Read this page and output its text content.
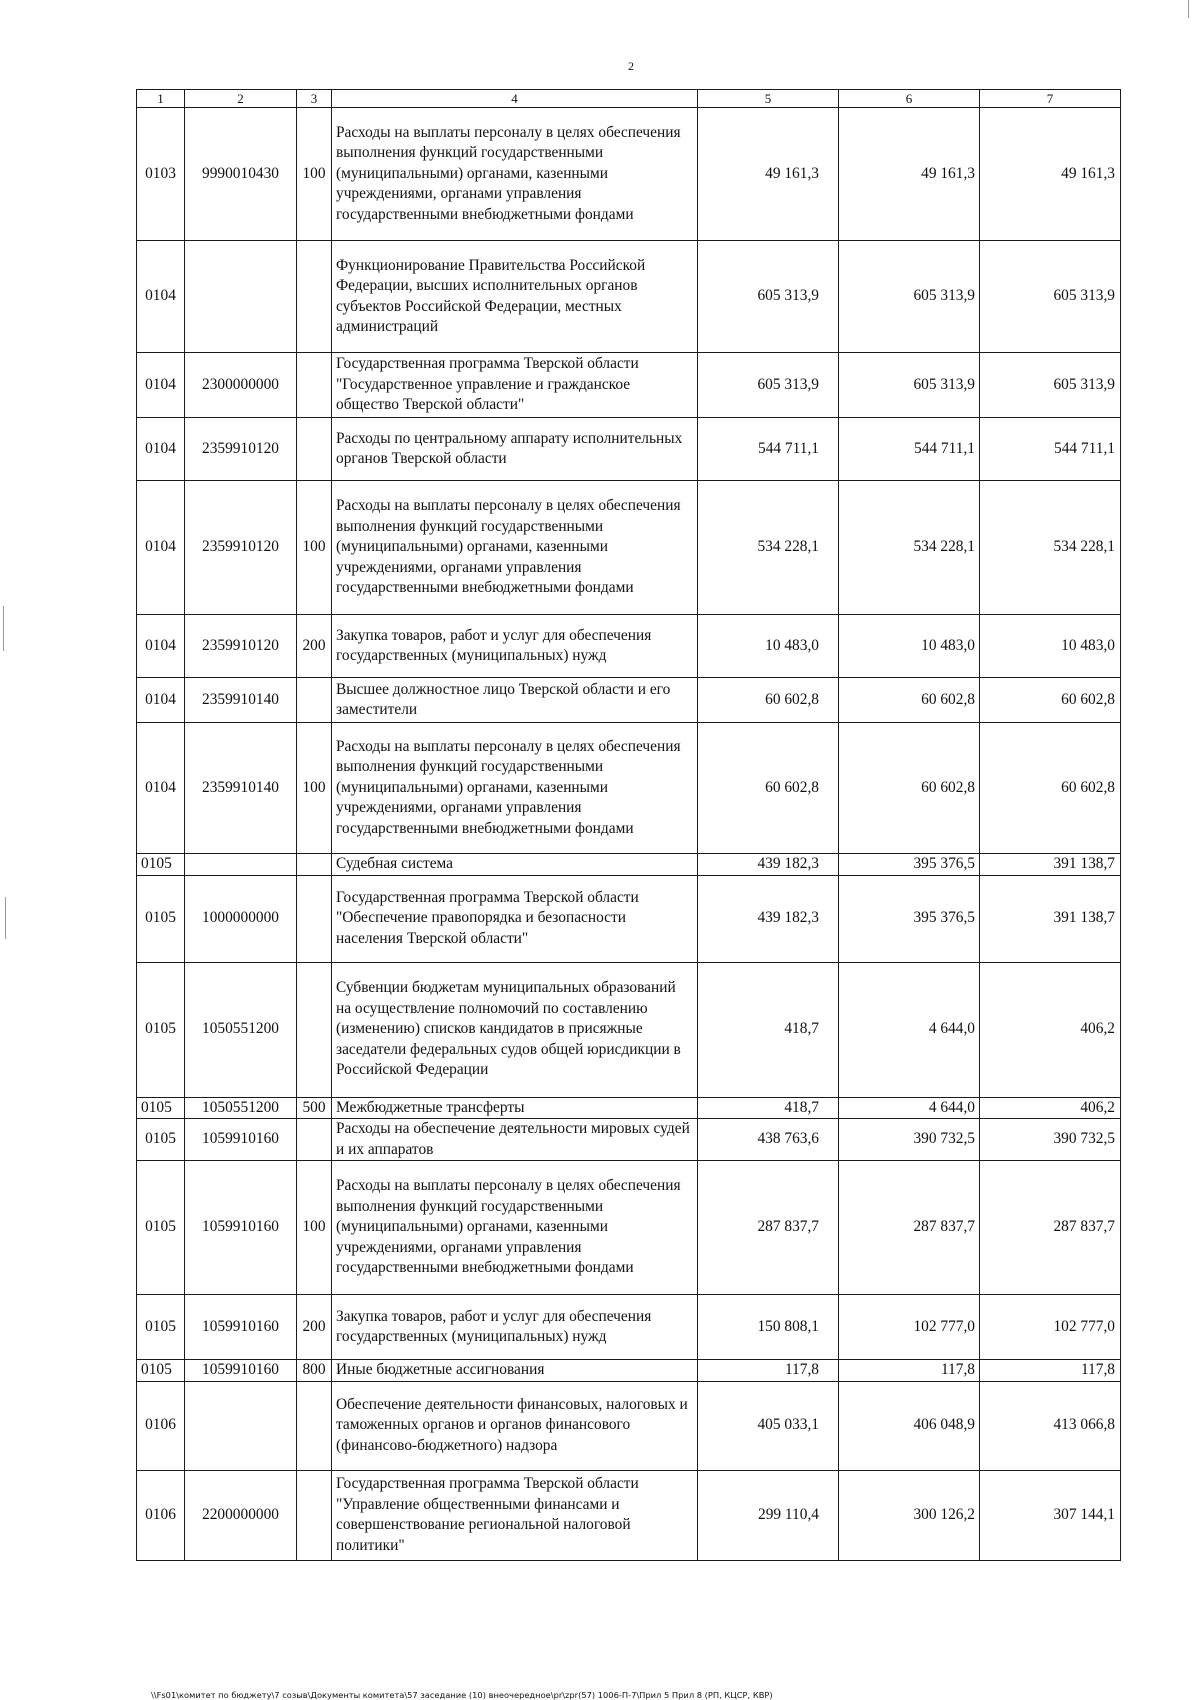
2
1	2	3	4	5	6	7
0103	9990010430	100	Расходы на выплаты персоналу в целях обеспечения выполнения функций государственными (муниципальными) органами, казенными учреждениями, органами управления государственными внебюджетными фондами	49 161,3	49 161,3	49 161,3
0104			Функционирование Правительства Российской Федерации, высших исполнительных органов субъектов Российской Федерации, местных администраций	605 313,9	605 313,9	605 313,9
0104	2300000000		Государственная программа Тверской области "Государственное управление и гражданское общество Тверской области"	605 313,9	605 313,9	605 313,9
0104	2359910120		Расходы по центральному аппарату исполнительных органов Тверской области	544 711,1	544 711,1	544 711,1
0104	2359910120	100	Расходы на выплаты персоналу в целях обеспечения выполнения функций государственными (муниципальными) органами, казенными учреждениями, органами управления государственными внебюджетными фондами	534 228,1	534 228,1	534 228,1
0104	2359910120	200	Закупка товаров, работ и услуг для обеспечения государственных (муниципальных) нужд	10 483,0	10 483,0	10 483,0
0104	2359910140		Высшее должностное лицо Тверской области и его заместители	60 602,8	60 602,8	60 602,8
0104	2359910140	100	Расходы на выплаты персоналу в целях обеспечения выполнения функций государственными (муниципальными) органами, казенными учреждениями, органами управления государственными внебюджетными фондами	60 602,8	60 602,8	60 602,8
0105			Судебная система	439 182,3	395 376,5	391 138,7
0105	1000000000		Государственная программа Тверской области "Обеспечение правопорядка и безопасности населения Тверской области"	439 182,3	395 376,5	391 138,7
0105	1050551200		Субвенции бюджетам муниципальных образований на осуществление полномочий по составлению (изменению) списков кандидатов в присяжные заседатели федеральных судов общей юрисдикции в Российской Федерации	418,7	4 644,0	406,2
0105	1050551200	500	Межбюджетные трансферты	418,7	4 644,0	406,2
0105	1059910160		Расходы на обеспечение деятельности мировых судей и их аппаратов	438 763,6	390 732,5	390 732,5
0105	1059910160	100	Расходы на выплаты персоналу в целях обеспечения выполнения функций государственными (муниципальными) органами, казенными учреждениями, органами управления государственными внебюджетными фондами	287 837,7	287 837,7	287 837,7
0105	1059910160	200	Закупка товаров, работ и услуг для обеспечения государственных (муниципальных) нужд	150 808,1	102 777,0	102 777,0
0105	1059910160	800	Иные бюджетные ассигнования	117,8	117,8	117,8
0106			Обеспечение деятельности финансовых, налоговых и таможенных органов и органов финансового (финансово-бюджетного) надзора	405 033,1	406 048,9	413 066,8
0106	2200000000		Государственная программа Тверской области "Управление общественными финансами и совершенствование региональной налоговой политики"	299 110,4	300 126,2	307 144,1
\\Fs01\комитет по бюджету\7 созыв\Документы комитета\57 заседание (10) внеочередное\pr\zpr(57) 1006-П-7\Прил 5 Прил 8 (РП, КЦСР, КВР)
